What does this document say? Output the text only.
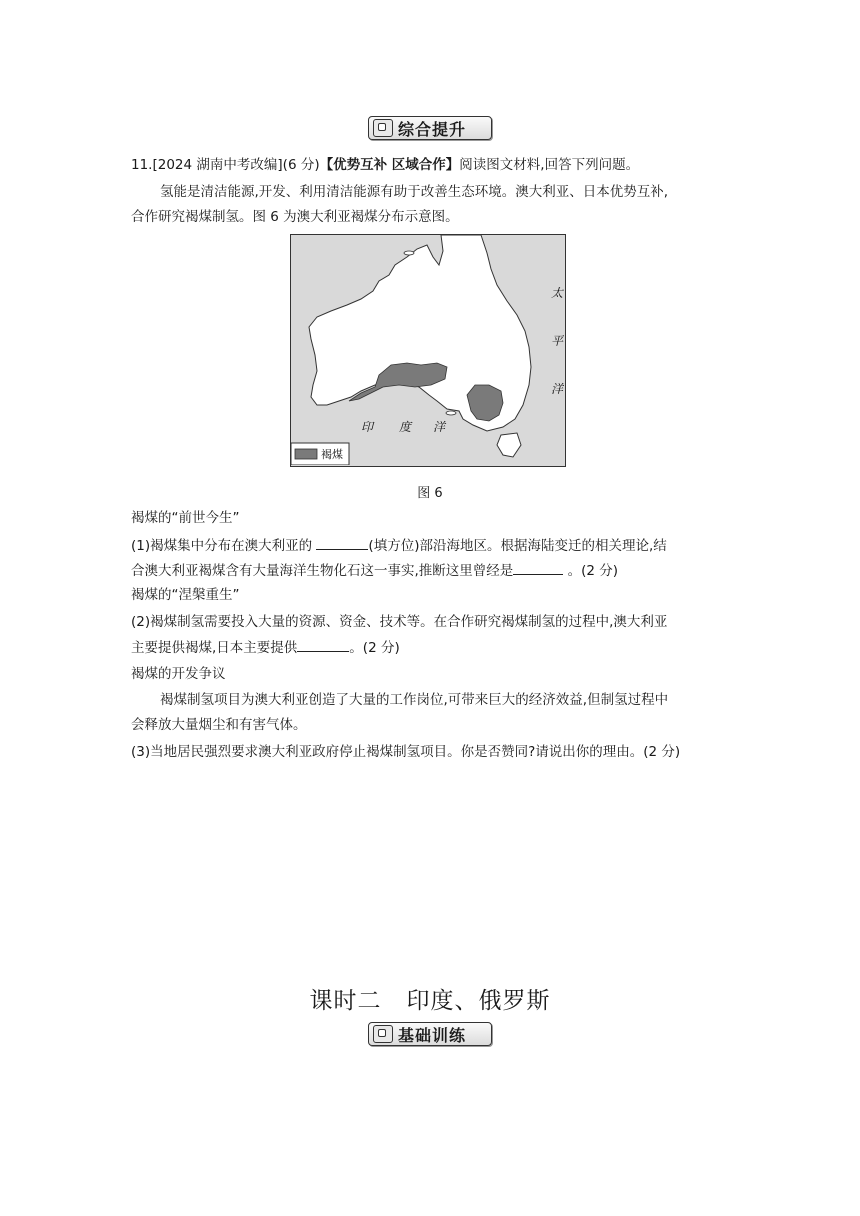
综合提升
11.[2024 湖南中考改编](6 分)【优势互补 区域合作】阅读图文材料,回答下列问题。
氢能是清洁能源,开发、利用清洁能源有助于改善生态环境。澳大利亚、日本优势互补,
合作研究褐煤制氢。图 6 为澳大利亚褐煤分布示意图。
褐煤
太
平
洋
印 度 洋
图 6
褐煤的“前世今生”
(1)褐煤集中分布在澳大利亚的	(填方位)部沿海地区。根据海陆变迁的相关理论,结
合澳大利亚褐煤含有大量海洋生物化石这一事实,推断这里曾经是	。(2 分)
褐煤的“涅槃重生”
(2)褐煤制氢需要投入大量的资源、资金、技术等。在合作研究褐煤制氢的过程中,澳大利亚
主要提供褐煤,日本主要提供	。(2 分)
褐煤的开发争议
褐煤制氢项目为澳大利亚创造了大量的工作岗位,可带来巨大的经济效益,但制氢过程中
会释放大量烟尘和有害气体。
(3)当地居民强烈要求澳大利亚政府停止褐煤制氢项目。你是否赞同?请说出你的理由。(2 分)
课时二   印度、俄罗斯
基础训练
